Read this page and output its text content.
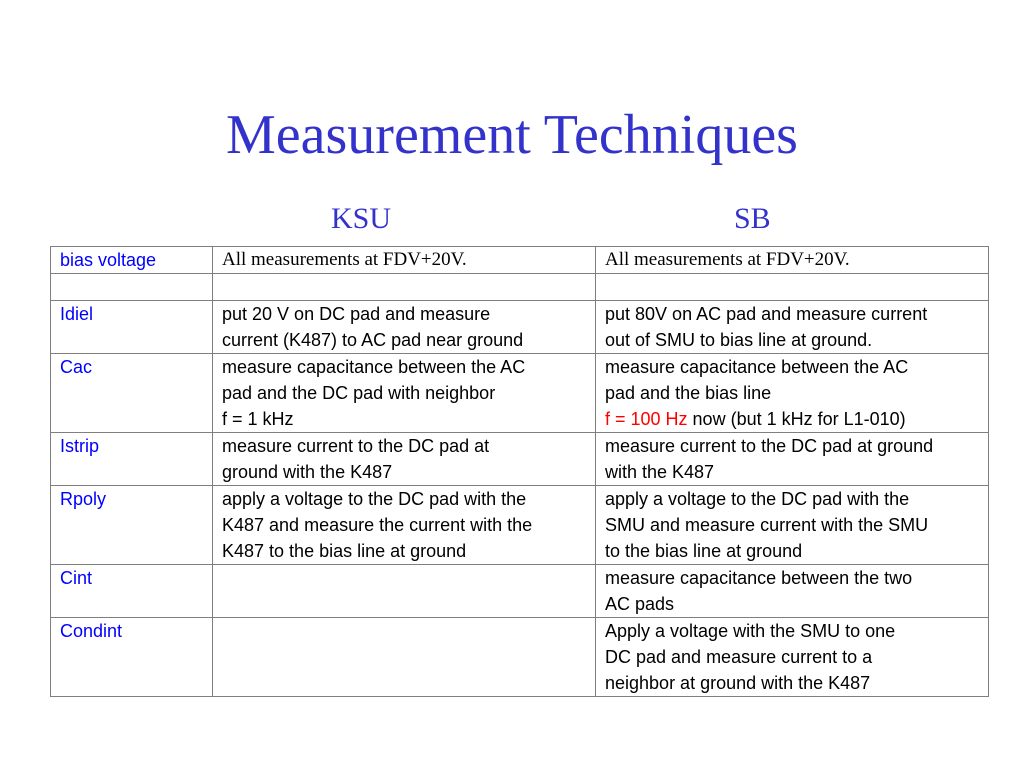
Measurement Techniques
KSU	SB
bias voltage	All measurements at FDV+20V.	All measurements at FDV+20V.

Idiel	put 20 V on DC pad and measure
current (K487) to AC pad near ground	put 80V on AC pad and measure current
out of SMU to bias line at ground.

Cac	measure capacitance between the AC
pad and the DC pad with neighbor
f = 1 kHz	measure capacitance between the AC
pad and the bias line
f = 100 Hz now (but 1 kHz for L1-010)

Istrip	measure current to the DC pad at
ground with the K487	measure current to the DC pad at ground
with the K487

Rpoly	apply a voltage to the DC pad with the
K487 and measure the current with the
K487 to the bias line at ground	apply a voltage to the DC pad with the
SMU and measure current with the SMU
to the bias line at ground

Cint		measure capacitance between the two
AC pads

Condint		Apply a voltage with the SMU to one
DC pad and measure current to a
neighbor at ground with the K487
